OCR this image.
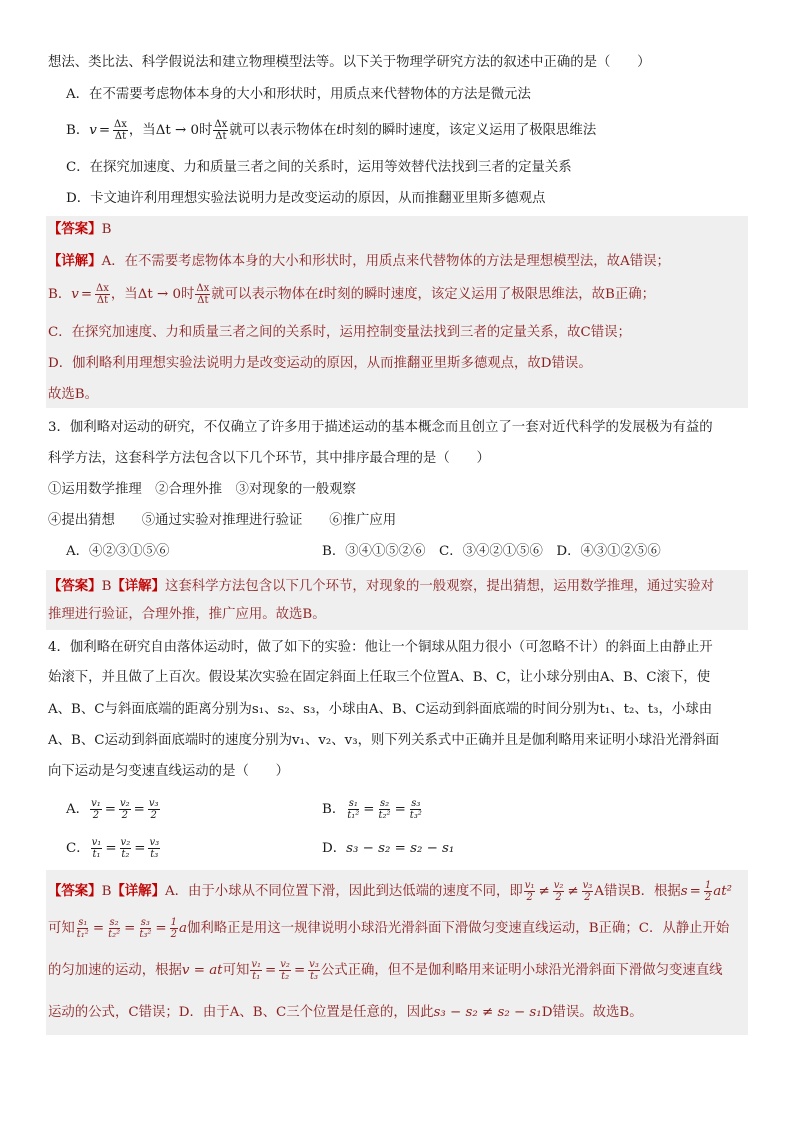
想法、类比法、科学假说法和建立物理模型法等。以下关于物理学研究方法的叙述中正确的是（　　）
A．在不需要考虑物体本身的大小和形状时，用质点来代替物体的方法是微元法
B．$v = \frac{\Delta x}{\Delta t}$ ，当Δt → 0时 $\frac{\Delta x}{\Delta t}$ 就可以表示物体在t时刻的瞬时速度，该定义运用了极限思维法
C．在探究加速度、力和质量三者之间的关系时，运用等效替代法找到三者的定量关系
D．卡文迪许利用理想实验法说明力是改变运动的原因，从而推翻亚里斯多德观点
【答案】B
【详解】A．在不需要考虑物体本身的大小和形状时，用质点来代替物体的方法是理想模型法，故A错误；
B．$v = \frac{\Delta x}{\Delta t}$ ，当Δt → 0时 $\frac{\Delta x}{\Delta t}$ 就可以表示物体在t时刻的瞬时速度，该定义运用了极限思维法，故B正确；
C．在探究加速度、力和质量三者之间的关系时，运用控制变量法找到三者的定量关系，故C错误；
D．伽利略利用理想实验法说明力是改变运动的原因，从而推翻亚里斯多德观点，故D错误。
故选B。
3．伽利略对运动的研究，不仅确立了许多用于描述运动的基本概念而且创立了一套对近代科学的发展极为有益的
科学方法，这套科学方法包含以下几个环节，其中排序最合理的是（　　）
①运用数学推理　②合理外推　③对现象的一般观察
④提出猜想　　⑤通过实验对推理进行验证　　⑥推广应用
A．④②③①⑤⑥	B．③④①⑤②⑥　C．③④②①⑤⑥　D．④③①②⑤⑥
【答案】B【详解】这套科学方法包含以下几个环节，对现象的一般观察，提出猜想，运用数学推理，通过实验对
推理进行验证，合理外推，推广应用。故选B。
4．伽利略在研究自由落体运动时，做了如下的实验：他让一个铜球从阻力很小（可忽略不计）的斜面上由静止开
始滚下，并且做了上百次。假设某次实验在固定斜面上任取三个位置A、B、C，让小球分别由A、B、C滚下，使
A、B、C与斜面底端的距离分别为s₁、s₂、s₃，小球由A、B、C运动到斜面底端的时间分别为t₁、t₂、t₃，小球由
A、B、C运动到斜面底端时的速度分别为v₁、v₂、v₃，则下列关系式中正确并且是伽利略用来证明小球沿光滑斜面
向下运动是匀变速直线运动的是（　　）
A． $\frac{\text{v₁}}{2} = \frac{\text{v₂}}{2} = \frac{\text{v₃}}{2}$	B． $\frac{\text{s₁}}{\text{t₁²}} = \frac{\text{s₂}}{\text{t₂²}} = \frac{\text{s₃}}{\text{t₃²}}$
C． $\frac{\text{v₁}}{\text{t₁}} = \frac{\text{v₂}}{\text{t₂}} = \frac{\text{v₃}}{\text{t₃}}$	D．s₃ − s₂ = s₂ − s₁
【答案】B【详解】A．由于小球从不同位置下滑，因此到达低端的速度不同，即 $\frac{\text{v₁}}{2} \ne \frac{\text{v₂}}{2} \ne \frac{\text{v₃}}{2}$ A错误B．根据$s = \frac{1}{2} at^2$
可知 $\frac{\text{s₁}}{\text{t₁²}} = \frac{\text{s₂}}{\text{t₂²}} = \frac{\text{s₃}}{\text{t₃²}} = \frac{1}{2}$ a伽利略正是用这一规律说明小球沿光滑斜面下滑做匀变速直线运动，B正确；C．从静止开始
的匀加速的运动，根据v = at可知 $\frac{\text{v₁}}{\text{t₁}} = \frac{\text{v₂}}{\text{t₂}} = \frac{\text{v₃}}{\text{t₃}}$ 公式正确，但不是伽利略用来证明小球沿光滑斜面下滑做匀变速直线
运动的公式，C错误；D．由于A、B、C三个位置是任意的，因此s₃ − s₂ ≠ s₂ − s₁D错误。故选B。
